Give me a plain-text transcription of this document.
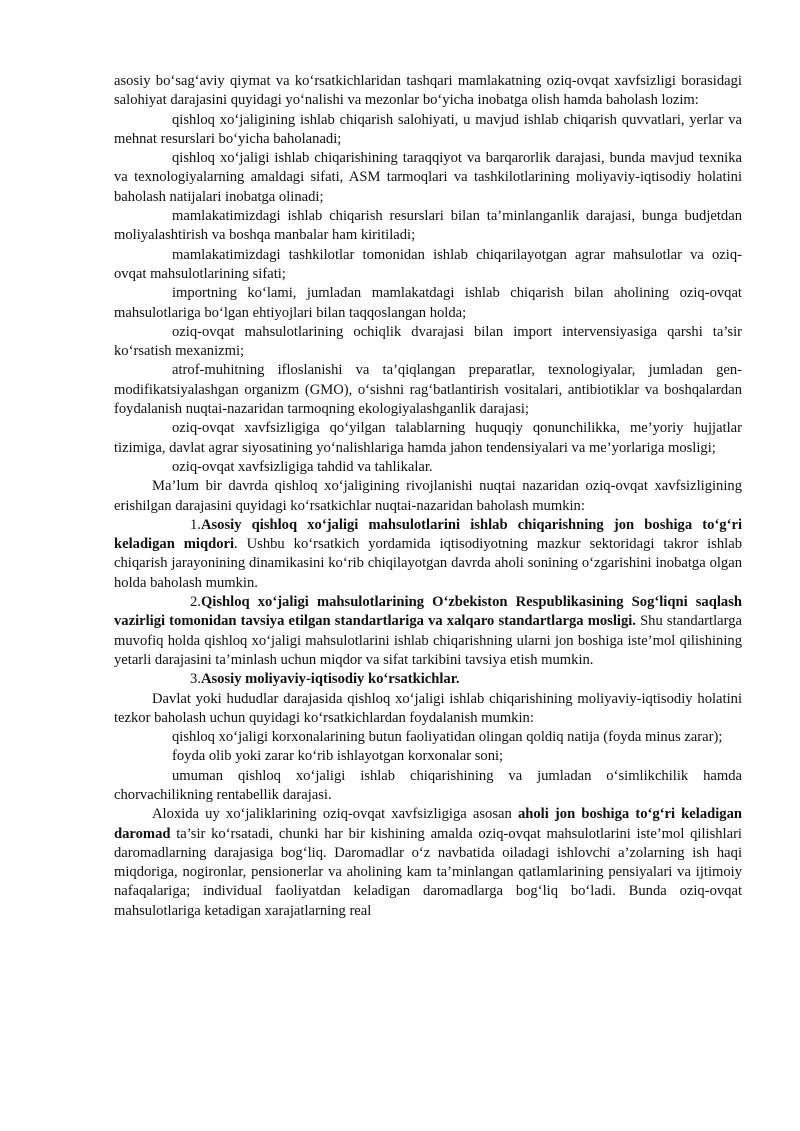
asosiy bo‘sag‘aviy qiymat va ko‘rsatkichlaridan tashqari mamlakatning oziq-ovqat xavfsizligi borasidagi salohiyat darajasini quyidagi yo‘nalishi va mezonlar bo‘yicha inobatga olish hamda baholash lozim:

qishloq xo‘jaligining ishlab chiqarish salohiyati, u mavjud ishlab chiqarish quvvatlari, yerlar va mehnat resurslari bo‘yicha baholanadi;

qishloq xo‘jaligi ishlab chiqarishining taraqqiyot va barqarorlik darajasi, bunda mavjud texnika va texnologiyalarning amaldagi sifati, ASM tarmoqlari va tashkilotlarining moliyaviy-iqtisodiy holatini baholash natijalari inobatga olinadi;

mamlakatimizdagi ishlab chiqarish resurslari bilan ta’minlanganlik darajasi, bunga budjetdan moliyalashtirish va boshqa manbalar ham kiritiladi;

mamlakatimizdagi tashkilotlar tomonidan ishlab chiqarilayotgan agrar mahsulotlar va oziq- ovqat mahsulotlarining sifati;

importning ko‘lami, jumladan mamlakatdagi ishlab chiqarish bilan aholining oziq-ovqat mahsulotlariga bo‘lgan ehtiyojlari bilan taqqoslangan holda;

oziq-ovqat mahsulotlarining ochiqlik dvarajasi bilan import intervensiyasiga qarshi ta’sir ko‘rsatish mexanizmi;

atrof-muhitning ifloslanishi va ta’qiqlangan preparatlar, texnologiyalar, jumladan gen-modifikatsiyalashgan organizm (GMO), o‘sishni rag‘batlantirish vositalari, antibiotiklar va boshqalardan foydalanish nuqtai-nazaridan tarmoqning ekologiyalashganlik darajasi;

oziq-ovqat xavfsizligiga qo‘yilgan talablarning huquqiy qonunchilikka, me’yoriy hujjatlar tizimiga, davlat agrar siyosatining yo‘nalishlariga hamda jahon tendensiyalari va me’yorlariga mosligi;

oziq-ovqat xavfsizligiga tahdid va tahlikalar.

Ma’lum bir davrda qishloq xo‘jaligining rivojlanishi nuqtai nazaridan oziq-ovqat xavfsizligining erishilgan darajasini quyidagi ko‘rsatkichlar nuqtai-nazaridan baholash mumkin:

1.Asosiy qishloq xo‘jaligi mahsulotlarini ishlab chiqarishning jon boshiga to‘g‘ri keladigan miqdori. Ushbu ko‘rsatkich yordamida iqtisodiyotning mazkur sektoridagi takror ishlab chiqarish jarayonining dinamikasini ko‘rib chiqilayotgan davrda aholi sonining o‘zgarishini inobatga olgan holda baholash mumkin.

2.Qishloq xo‘jaligi mahsulotlarining O‘zbekiston Respublikasining Sog‘liqni saqlash vazirligi tomonidan tavsiya etilgan standartlariga va xalqaro standartlarga mosligi. Shu standartlarga muvofiq holda qishloq xo‘jaligi mahsulotlarini ishlab chiqarishning ularni jon boshiga iste’mol qilishining yetarli darajasini ta’minlash uchun miqdor va sifat tarkibini tavsiya etish mumkin.

3.Asosiy moliyaviy-iqtisodiy ko‘rsatkichlar.

Davlat yoki hududlar darajasida qishloq xo‘jaligi ishlab chiqarishining moliyaviy-iqtisodiy holatini tezkor baholash uchun quyidagi ko‘rsatkichlardan foydalanish mumkin:

qishloq xo‘jaligi korxonalarining butun faoliyatidan olingan qoldiq natija (foyda minus zarar);

foyda olib yoki zarar ko‘rib ishlayotgan korxonalar soni;

umuman qishloq xo‘jaligi ishlab chiqarishining va jumladan o‘simlikchilik hamda chorvachilikning rentabellik darajasi.

Aloxida uy xo‘jaliklarining oziq-ovqat xavfsizligiga asosan aholi jon boshiga to‘g‘ri keladigan daromad ta’sir ko‘rsatadi, chunki har bir kishining amalda oziq-ovqat mahsulotlarini iste’mol qilishlari daromadlarning darajasiga bog‘liq. Daromadlar o‘z navbatida oiladagi ishlovchi a’zolarning ish haqi miqdoriga, nogironlar, pensionerlar va aholining kam ta’minlangan qatlamlarining pensiyalari va ijtimoiy nafaqalariga; individual faoliyatdan keladigan daromadlarga bog‘liq bo‘ladi. Bunda oziq-ovqat mahsulotlariga ketadigan xarajatlarning real
